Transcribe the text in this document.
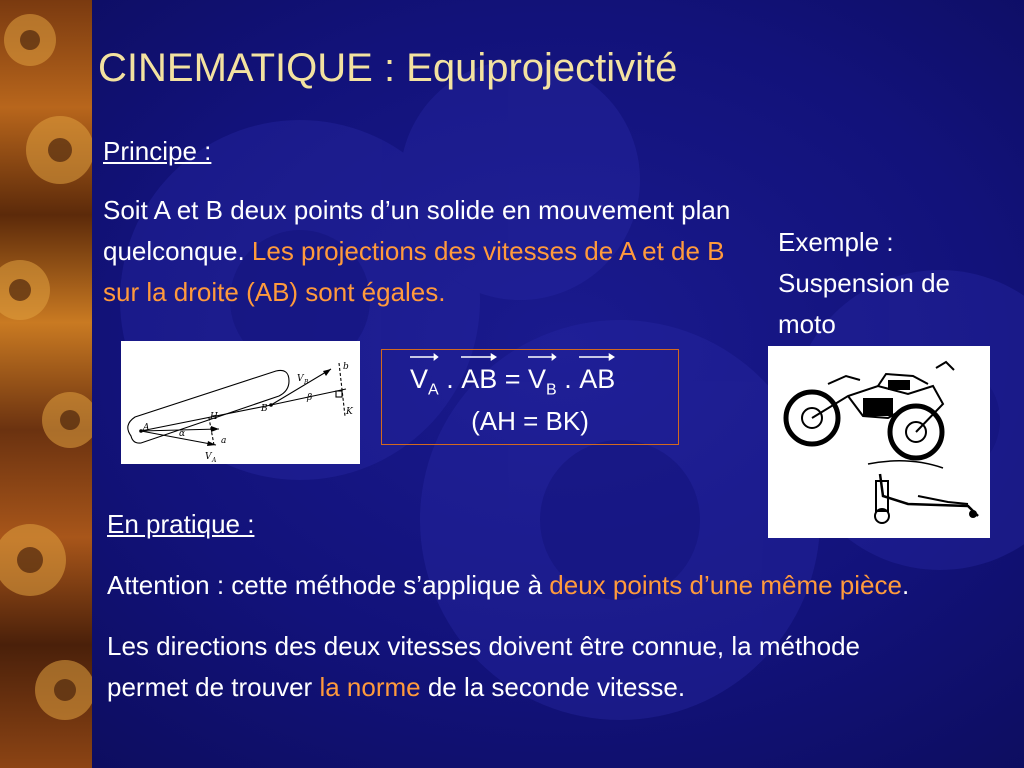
CINEMATIQUE : Equiprojectivité
Principe :
Soit A et B deux points d’un solide en mouvement plan quelconque. Les projections des vitesses de A et de B sur la droite (AB) sont égales.
Exemple : Suspension de moto
A
B
H	K
α
β
a
b
V B
V A
$V_A$ .
AB =
$V_B$ .
AB
(AH = BK)
En pratique :
Attention : cette méthode s’applique à deux points d’une même pièce.
Les directions des deux vitesses doivent être connue, la méthode permet de trouver la norme de la seconde vitesse.
